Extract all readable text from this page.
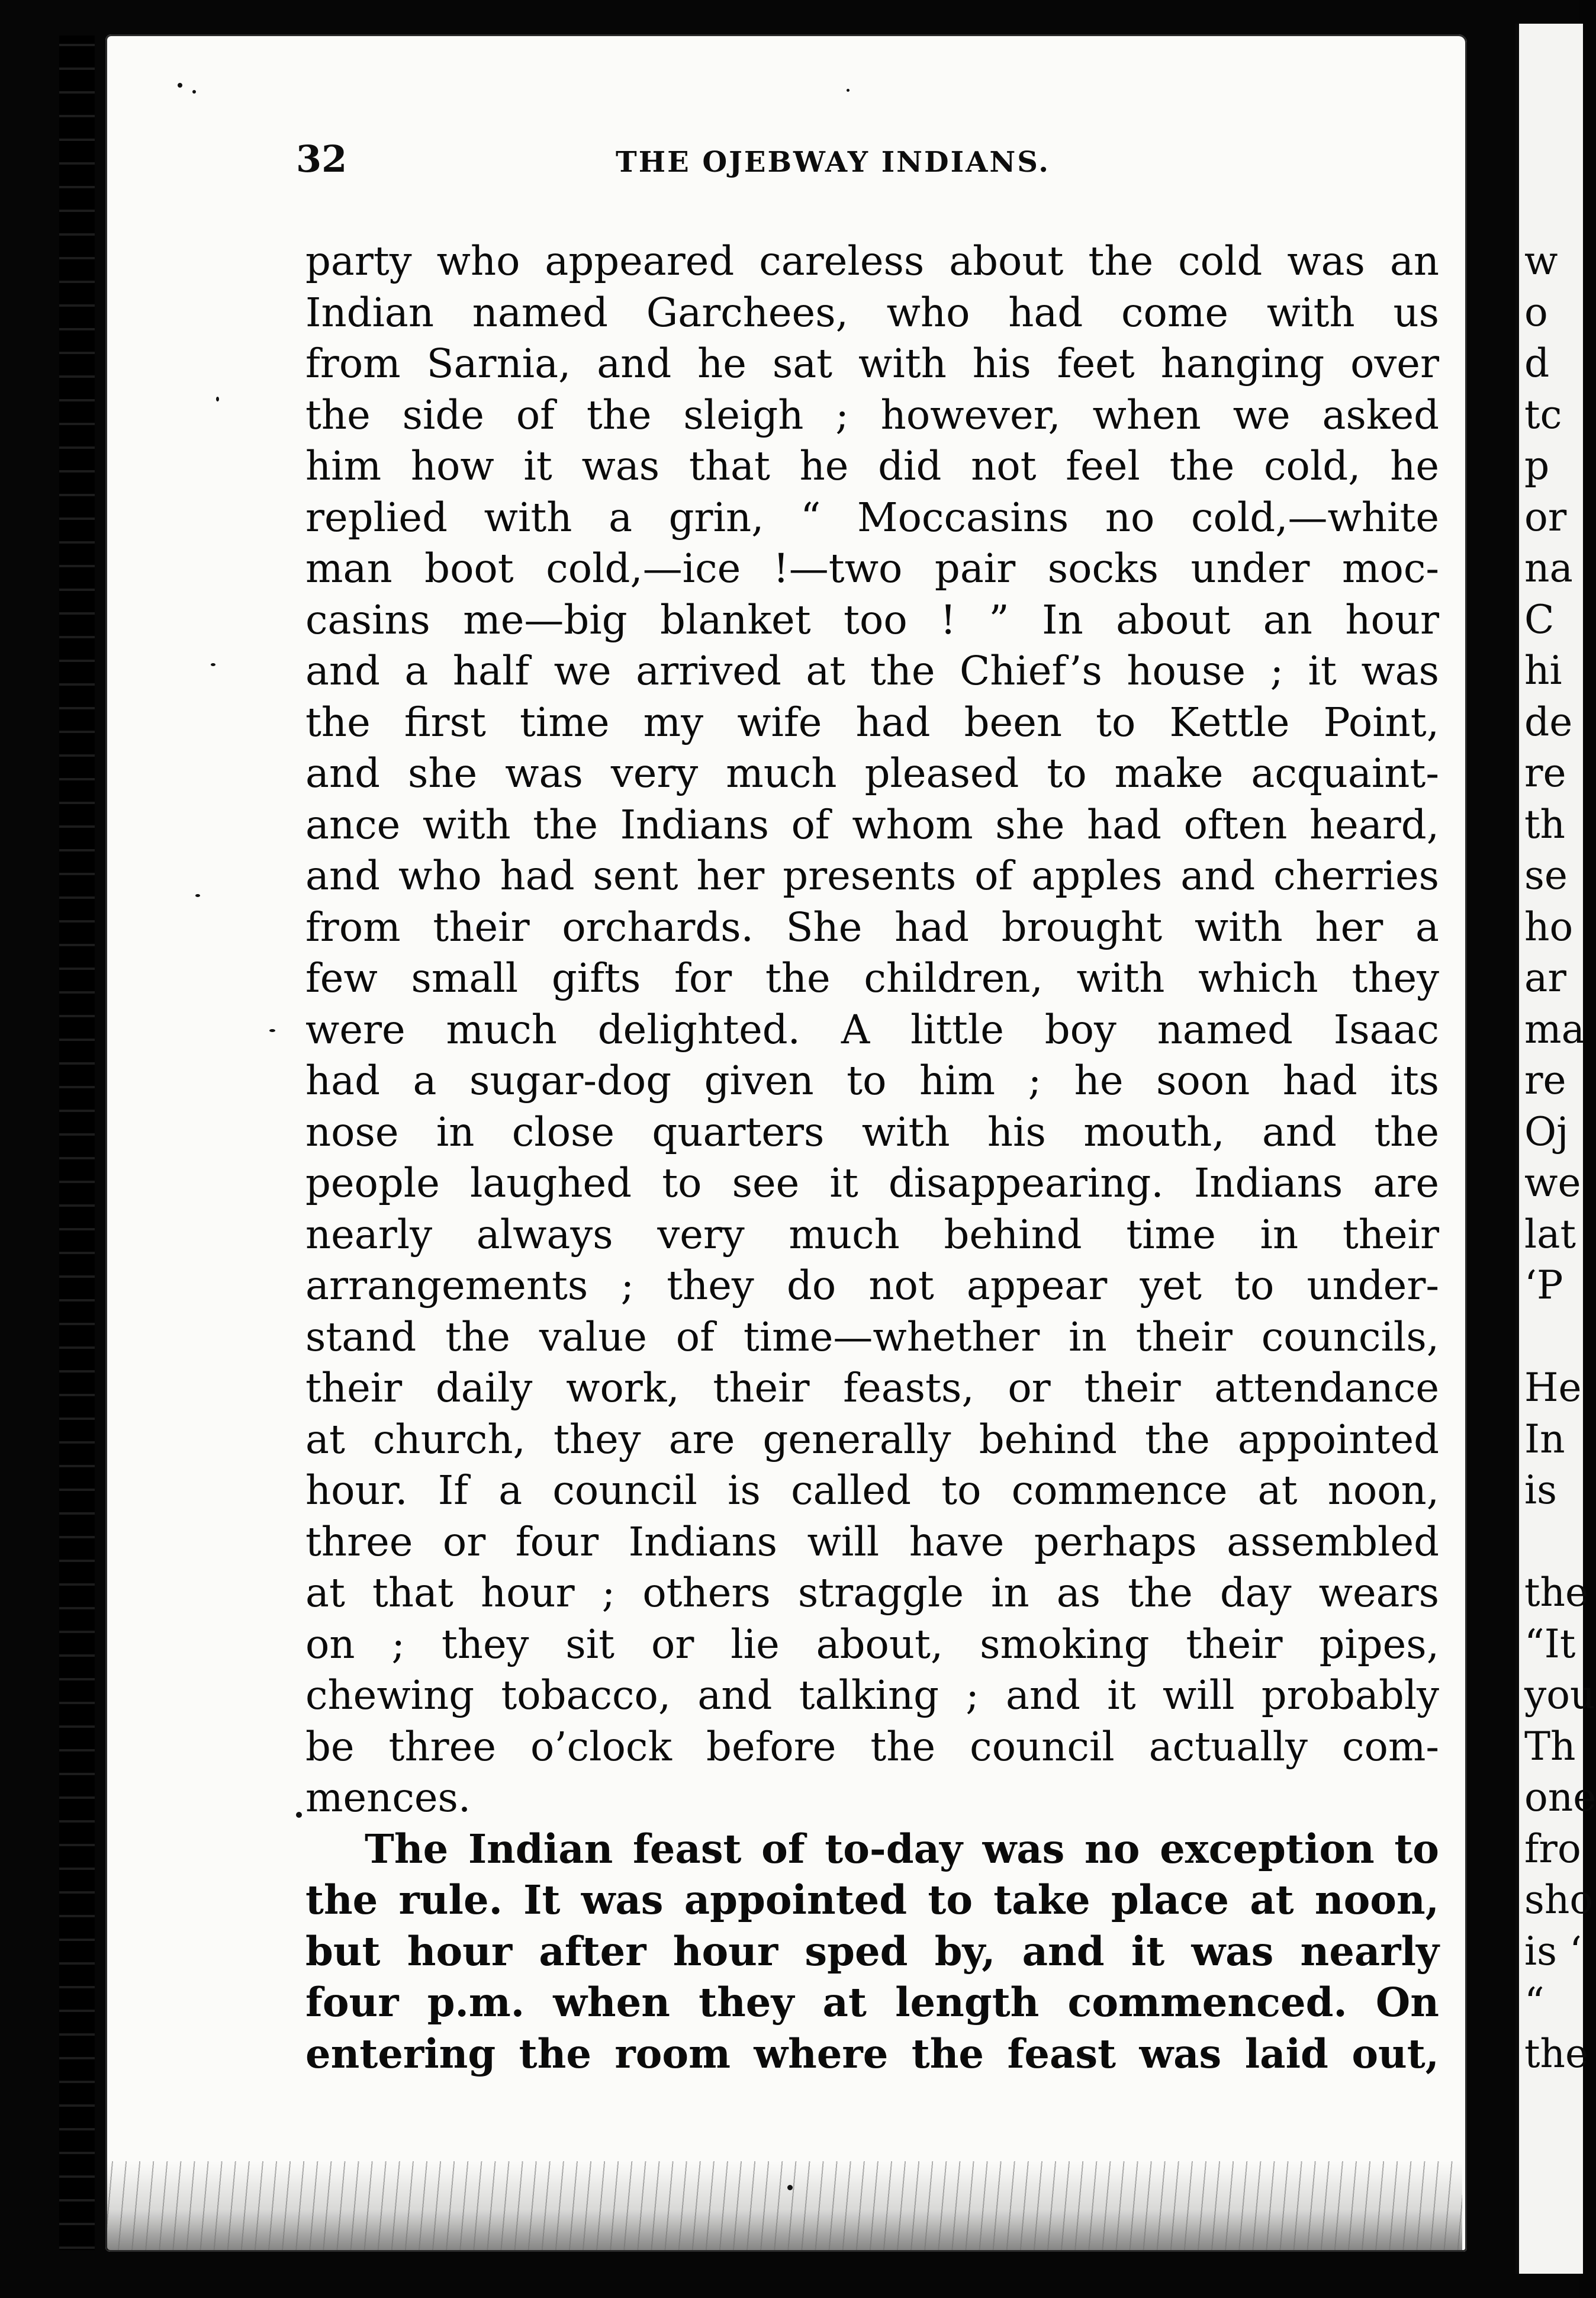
32	THE OJEBWAY INDIANS.
party who appeared careless about the cold was an
Indian named Garchees, who had come with us
from Sarnia, and he sat with his feet hanging over
the side of the sleigh ; however, when we asked
him how it was that he did not feel the cold, he
replied with a grin, “ Moccasins no cold,—white
man boot cold,—ice !—two pair socks under moc-
casins me—big blanket too ! ” In about an hour
and a half we arrived at the Chief’s house ; it was
the first time my wife had been to Kettle Point,
and she was very much pleased to make acquaint-
ance with the Indians of whom she had often heard,
and who had sent her presents of apples and cherries
from their orchards. She had brought with her a
few small gifts for the children, with which they
were much delighted. A little boy named Isaac
had a sugar-dog given to him ; he soon had its
nose in close quarters with his mouth, and the
people laughed to see it disappearing. Indians are
nearly always very much behind time in their
arrangements ; they do not appear yet to under-
stand the value of time—whether in their councils,
their daily work, their feasts, or their attendance
at church, they are generally behind the appointed
hour. If a council is called to commence at noon,
three or four Indians will have perhaps assembled
at that hour ; others straggle in as the day wears
on ; they sit or lie about, smoking their pipes,
chewing tobacco, and talking ; and it will probably
be three o’clock before the council actually com-
mences.
The Indian feast of to-day was no exception to
the rule. It was appointed to take place at noon,
but hour after hour sped by, and it was nearly
four p.m. when they at length commenced. On
entering the room where the feast was laid out,
w
o
d
tc
p
or
na
C
hi
de
re
th
se
ho
ar
ma
re
Oj
we
lat
‘P
He
In
is
the
“It
you
Th
one
fro
sho
is ‘
“
the
